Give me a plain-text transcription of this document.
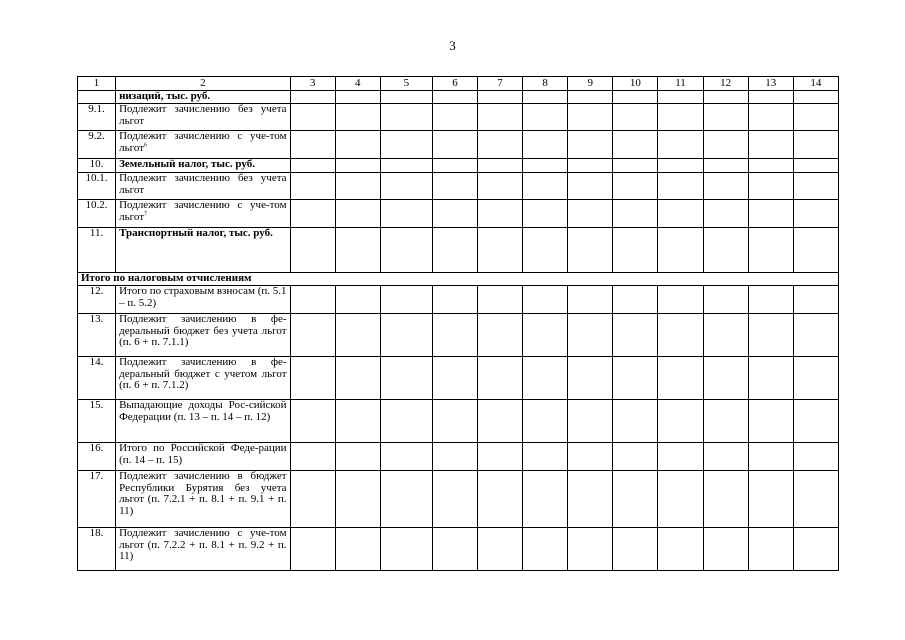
3
1	2	3	4	5	6	7	8	9	10	11	12	13	14
	низаций, тыс. руб.												
9.1.	Подлежит зачислению без учета льгот												
9.2.	Подлежит зачислению с уче-том льгот$^6$												
10.	Земельный налог, тыс. руб.												
10.1.	Подлежит зачислению без учета льгот												
10.2.	Подлежит зачислению с уче-том льгот$^7$												
11.	Транспортный налог, тыс. руб.												
Итого по налоговым отчислениям													
12.	Итого по страховым взносам (п. 5.1 – п. 5.2)												
13.	Подлежит зачислению в фе-деральный бюджет без учета льгот (п. 6 + п. 7.1.1)												
14.	Подлежит зачислению в фе-деральный бюджет с учетом льгот (п. 6 + п. 7.1.2)												
15.	Выпадающие доходы Рос-сийской Федерации (п. 13 – п. 14 – п. 12)												
16.	Итого по Российской Феде-рации (п. 14 – п. 15)												
17.	Подлежит зачислению в бюджет Республики Бурятия без учета льгот (п. 7.2.1 + п. 8.1 + п. 9.1 + п. 11)												
18.	Подлежит зачислению с уче-том льгот (п. 7.2.2 + п. 8.1 + п. 9.2 + п. 11)												
